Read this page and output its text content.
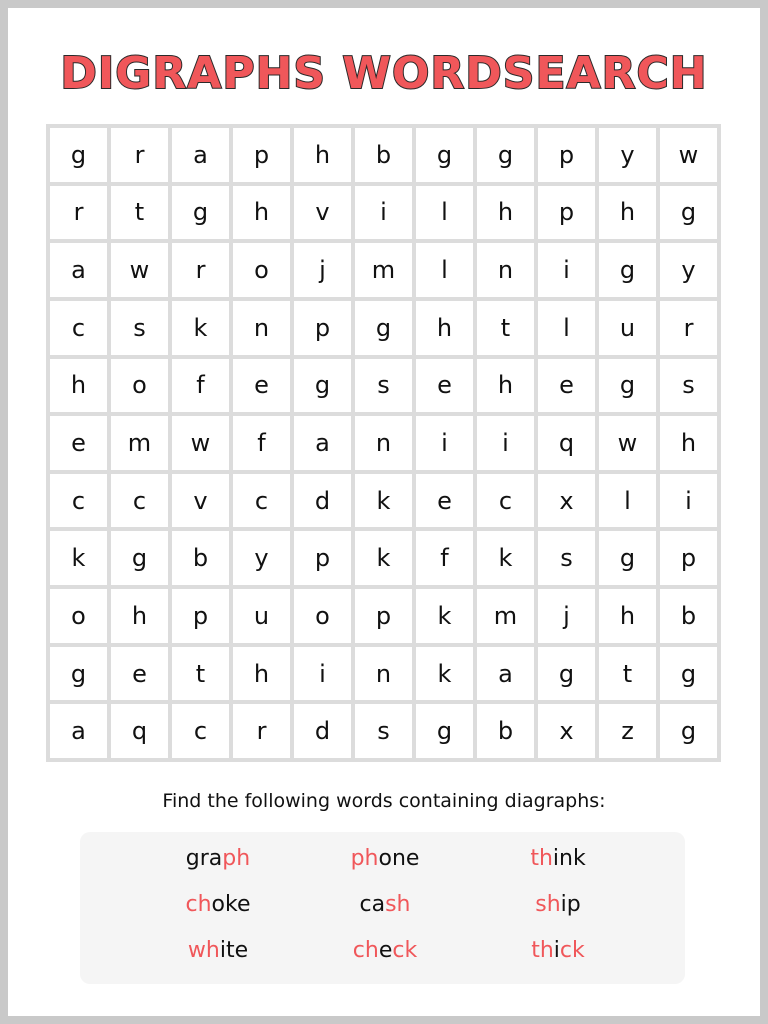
DIGRAPHS WORDSEARCH
g	r	a	p	h	b	g	g	p	y	w
r	t	g	h	v	i	l	h	p	h	g
a	w	r	o	j	m	l	n	i	g	y
c	s	k	n	p	g	h	t	l	u	r
h	o	f	e	g	s	e	h	e	g	s
e	m	w	f	a	n	i	i	q	w	h
c	c	v	c	d	k	e	c	x	l	i
k	g	b	y	p	k	f	k	s	g	p
o	h	p	u	o	p	k	m	j	h	b
g	e	t	h	i	n	k	a	g	t	g
a	q	c	r	d	s	g	b	x	z	g
Find the following words containing diagraphs:
graph	phone	think
choke	cash	ship
white	check	thick
